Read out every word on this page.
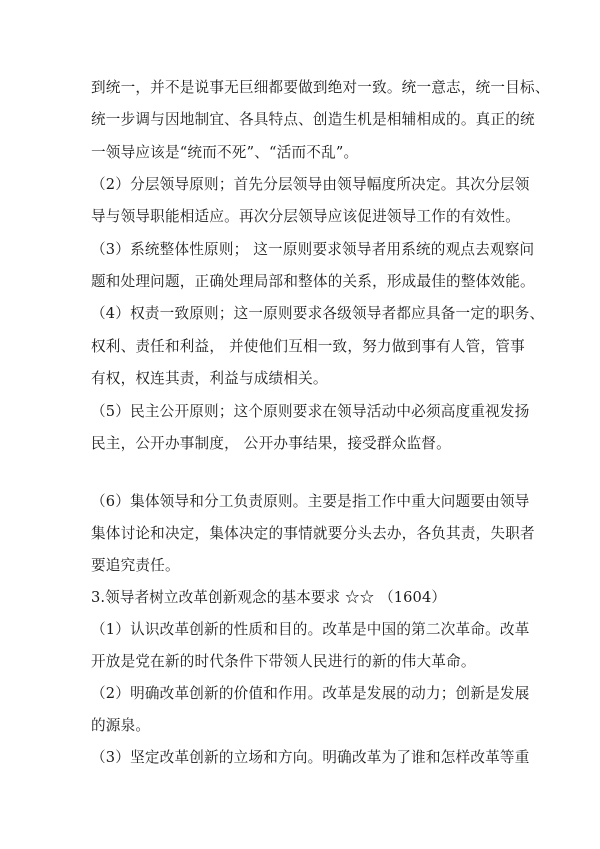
到统一，并不是说事无巨细都要做到绝对一致。统一意志，统一目标、
统一步调与因地制宜、各具特点、创造生机是相辅相成的。真正的统
一领导应该是“统而不死”、“活而不乱”。
（2）分层领导原则；首先分层领导由领导幅度所决定。其次分层领
导与领导职能相适应。再次分层领导应该促进领导工作的有效性。
（3）系统整体性原则； 这一原则要求领导者用系统的观点去观察问
题和处理问题，正确处理局部和整体的关系，形成最佳的整体效能。
（4）权责一致原则；这一原则要求各级领导者都应具备一定的职务、
权利、责任和利益， 并使他们互相一致，努力做到事有人管，管事
有权，权连其责，利益与成绩相关。
（5）民主公开原则；这个原则要求在领导活动中必须高度重视发扬
民主，公开办事制度， 公开办事结果，接受群众监督。
（6）集体领导和分工负责原则。主要是指工作中重大问题要由领导
集体讨论和决定，集体决定的事情就要分头去办，各负其责，失职者
要追究责任。
3.领导者树立改革创新观念的基本要求 ☆☆ （1604）
（1）认识改革创新的性质和目的。改革是中国的第二次革命。改革
开放是党在新的时代条件下带领人民进行的新的伟大革命。
（2）明确改革创新的价值和作用。改革是发展的动力；创新是发展
的源泉。
（3）坚定改革创新的立场和方向。明确改革为了谁和怎样改革等重
